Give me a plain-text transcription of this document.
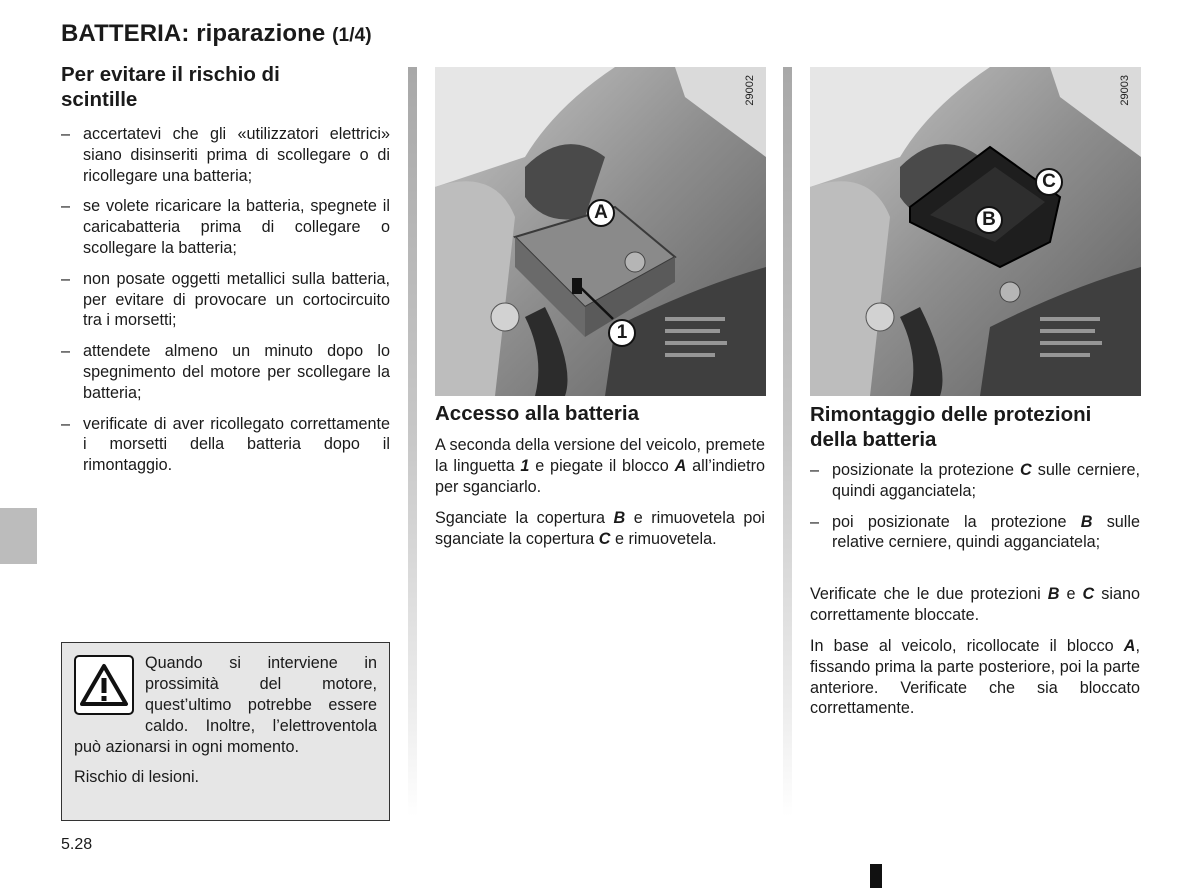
BATTERIA: riparazione (1/4)
Per evitare il rischio di scintille
– accertatevi che gli «utilizzatori elettrici» siano disinseriti prima di scollegare o di ricollegare una batteria;
– se volete ricaricare la batteria, spegnete il caricabatteria prima di collegare o scollegare la batteria;
– non posate oggetti metallici sulla batteria, per evitare di provocare un cortocircuito tra i morsetti;
– attendete almeno un minuto dopo lo spegnimento del motore per scollegare la batteria;
– verificate di aver ricollegato correttamente i morsetti della batteria dopo il rimontaggio.
Quando si interviene in prossimità del motore, quest’ultimo potrebbe essere caldo. Inoltre, l’elettroventola può azionarsi in ogni momento.
Rischio di lesioni.
5.28
29002
A
1
29003
B
C
Accesso alla batteria

A seconda della versione del veicolo, premete la linguetta 1 e piegate il blocco A all’indietro per sganciarlo.

Sganciate la copertura B e rimuovetela poi sganciate la copertura C e rimuovetela.

Rimontaggio delle protezioni della batteria
– posizionate la protezione C sulle cerniere, quindi agganciatela;
– poi posizionate la protezione B sulle relative cerniere, quindi agganciatela;

Verificate che le due protezioni B e C siano correttamente bloccate.

In base al veicolo, ricollocate il blocco A, fissando prima la parte posteriore, poi la parte anteriore. Verificate che sia bloccato correttamente.
